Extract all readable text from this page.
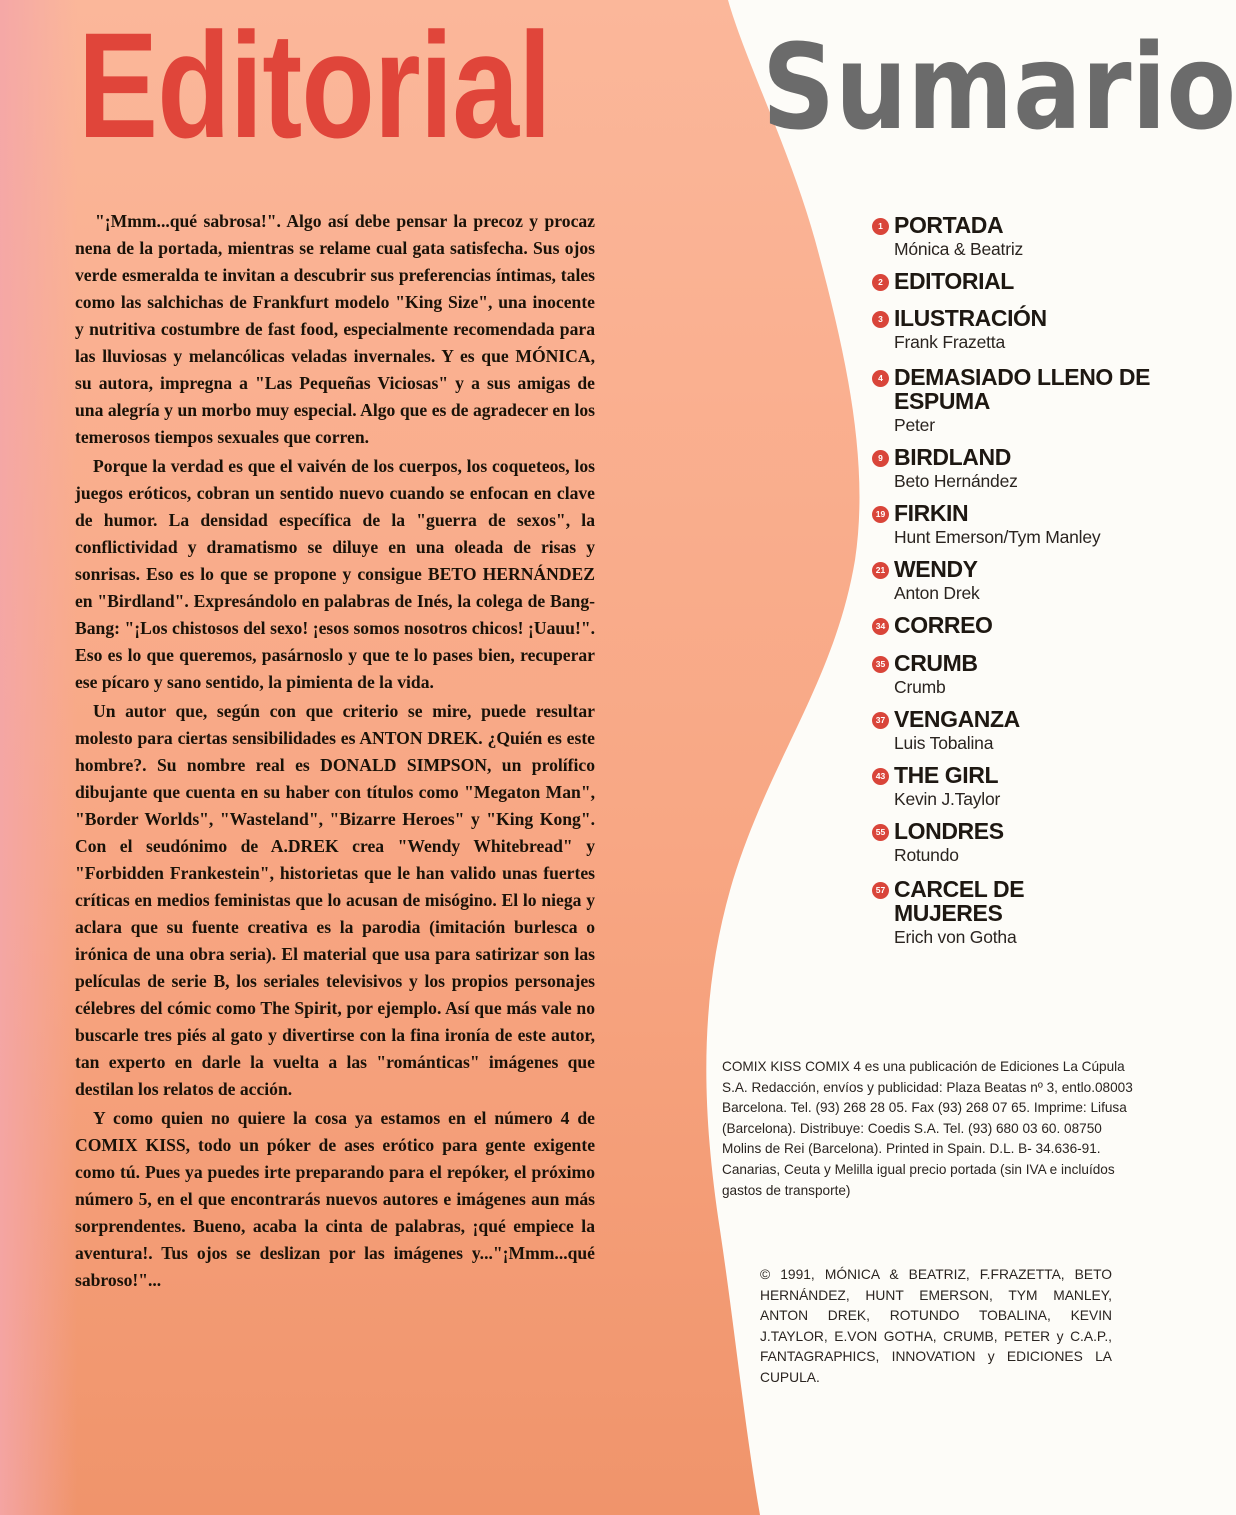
Editorial Sumario

"¡Mmm...qué sabrosa!". Algo así debe pensar la precoz y procaz nena de la portada, mientras se relame cual gata satisfecha. Sus ojos verde esmeralda te invitan a descubrir sus preferencias íntimas, tales como las salchichas de Frankfurt modelo "King Size", una inocente y nutritiva costumbre de fast food, especialmente recomendada para las lluviosas y melancólicas veladas invernales. Y es que MÓNICA, su autora, impregna a "Las Pequeñas Viciosas" y a sus amigas de una alegría y un morbo muy especial. Algo que es de agradecer en los temerosos tiempos sexuales que corren.

Porque la verdad es que el vaivén de los cuerpos, los coqueteos, los juegos eróticos, cobran un sentido nuevo cuando se enfocan en clave de humor. La densidad específica de la "guerra de sexos", la conflictividad y dramatismo se diluye en una oleada de risas y sonrisas. Eso es lo que se propone y consigue BETO HERNÁNDEZ en "Birdland". Expresándolo en palabras de Inés, la colega de Bang-Bang: "¡Los chistosos del sexo! ¡esos somos nosotros chicos! ¡Uauu!". Eso es lo que queremos, pasárnoslo y que te lo pases bien, recuperar ese pícaro y sano sentido, la pimienta de la vida.

Un autor que, según con que criterio se mire, puede resultar molesto para ciertas sensibilidades es ANTON DREK. ¿Quién es este hombre?. Su nombre real es DONALD SIMPSON, un prolífico dibujante que cuenta en su haber con títulos como "Megaton Man", "Border Worlds", "Wasteland", "Bizarre Heroes" y "King Kong". Con el seudónimo de A.DREK crea "Wendy Whitebread" y "Forbidden Frankestein", historietas que le han valido unas fuertes críticas en medios feministas que lo acusan de misógino. El lo niega y aclara que su fuente creativa es la parodia (imitación burlesca o irónica de una obra seria). El material que usa para satirizar son las películas de serie B, los seriales televisivos y los propios personajes célebres del cómic como The Spirit, por ejemplo. Así que más vale no buscarle tres piés al gato y divertirse con la fina ironía de este autor, tan experto en darle la vuelta a las "románticas" imágenes que destilan los relatos de acción.

Y como quien no quiere la cosa ya estamos en el número 4 de COMIX KISS, todo un póker de ases erótico para gente exigente como tú. Pues ya puedes irte preparando para el repóker, el próximo número 5, en el que encontrarás nuevos autores e imágenes aun más sorprendentes. Bueno, acaba la cinta de palabras, ¡qué empiece la aventura!. Tus ojos se deslizan por las imágenes y..."¡Mmm...qué sabroso!"...

1 PORTADA
Mónica & Beatriz
2 EDITORIAL
3 ILUSTRACIÓN
Frank Frazetta
4 DEMASIADO LLENO DE ESPUMA
Peter
9 BIRDLAND
Beto Hernández
19 FIRKIN
Hunt Emerson/Tym Manley
21 WENDY
Anton Drek
34 CORREO
35 CRUMB
Crumb
37 VENGANZA
Luis Tobalina
43 THE GIRL
Kevin J.Taylor
55 LONDRES
Rotundo
57 CARCEL DE MUJERES
Erich von Gotha

COMIX KISS COMIX 4 es una publicación de Ediciones La Cúpula S.A. Redacción, envíos y publicidad: Plaza Beatas nº 3, entlo.08003 Barcelona. Tel. (93) 268 28 05. Fax (93) 268 07 65. Imprime: Lifusa (Barcelona). Distribuye: Coedis S.A. Tel. (93) 680 03 60. 08750 Molins de Rei (Barcelona). Printed in Spain. D.L. B- 34.636-91. Canarias, Ceuta y Melilla igual precio portada (sin IVA e incluídos gastos de transporte)

© 1991, MÓNICA & BEATRIZ, F.FRAZETTA, BETO HERNÁNDEZ, HUNT EMERSON, TYM MANLEY, ANTON DREK, ROTUNDO TOBALINA, KEVIN J.TAYLOR, E.VON GOTHA, CRUMB, PETER y C.A.P., FANTAGRAPHICS, INNOVATION y EDICIONES LA CUPULA.
